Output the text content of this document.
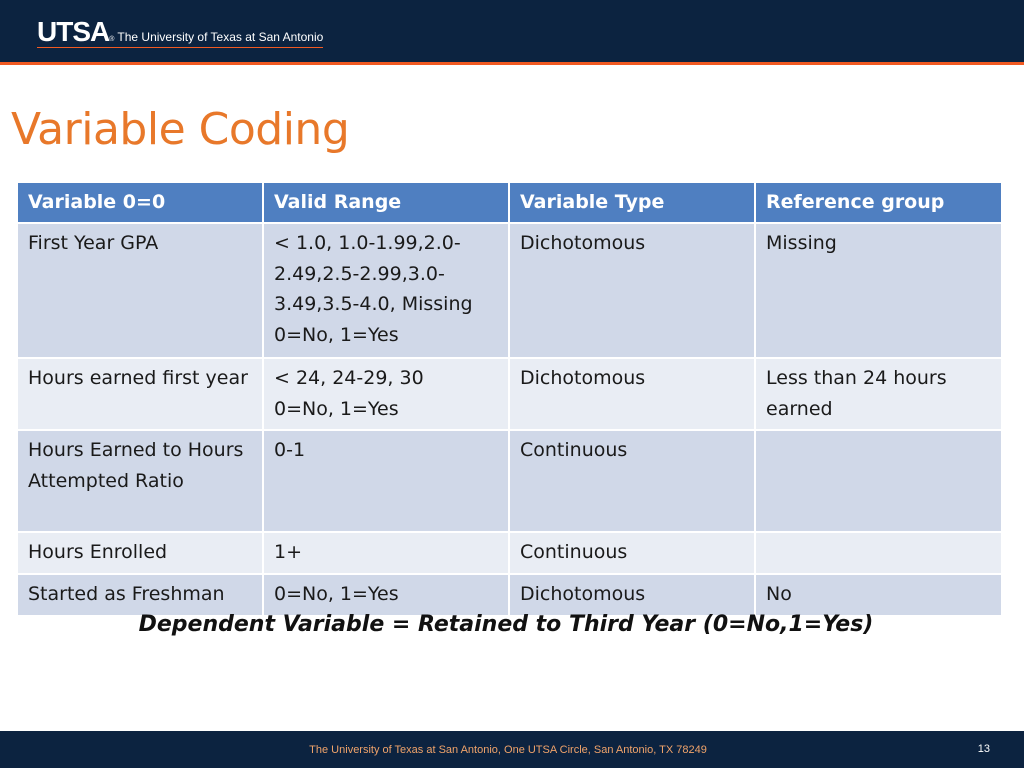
UTSA ® The University of Texas at San Antonio
Variable Coding
Variable 0=0	Valid Range	Variable Type	Reference group
First Year GPA	< 1.0, 1.0-1.99,2.0-
2.49,2.5-2.99,3.0-
3.49,3.5-4.0, Missing
0=No, 1=Yes	Dichotomous	Missing
Hours earned first year	< 24, 24-29, 30
0=No, 1=Yes	Dichotomous	Less than 24 hours earned
Hours Earned to Hours Attempted Ratio	0-1	Continuous	
Hours Enrolled	1+	Continuous	
Started as Freshman	0=No, 1=Yes	Dichotomous	No
Dependent Variable = Retained to Third Year (0=No,1=Yes)
The University of Texas at San Antonio, One UTSA Circle, San Antonio, TX 78249	13
